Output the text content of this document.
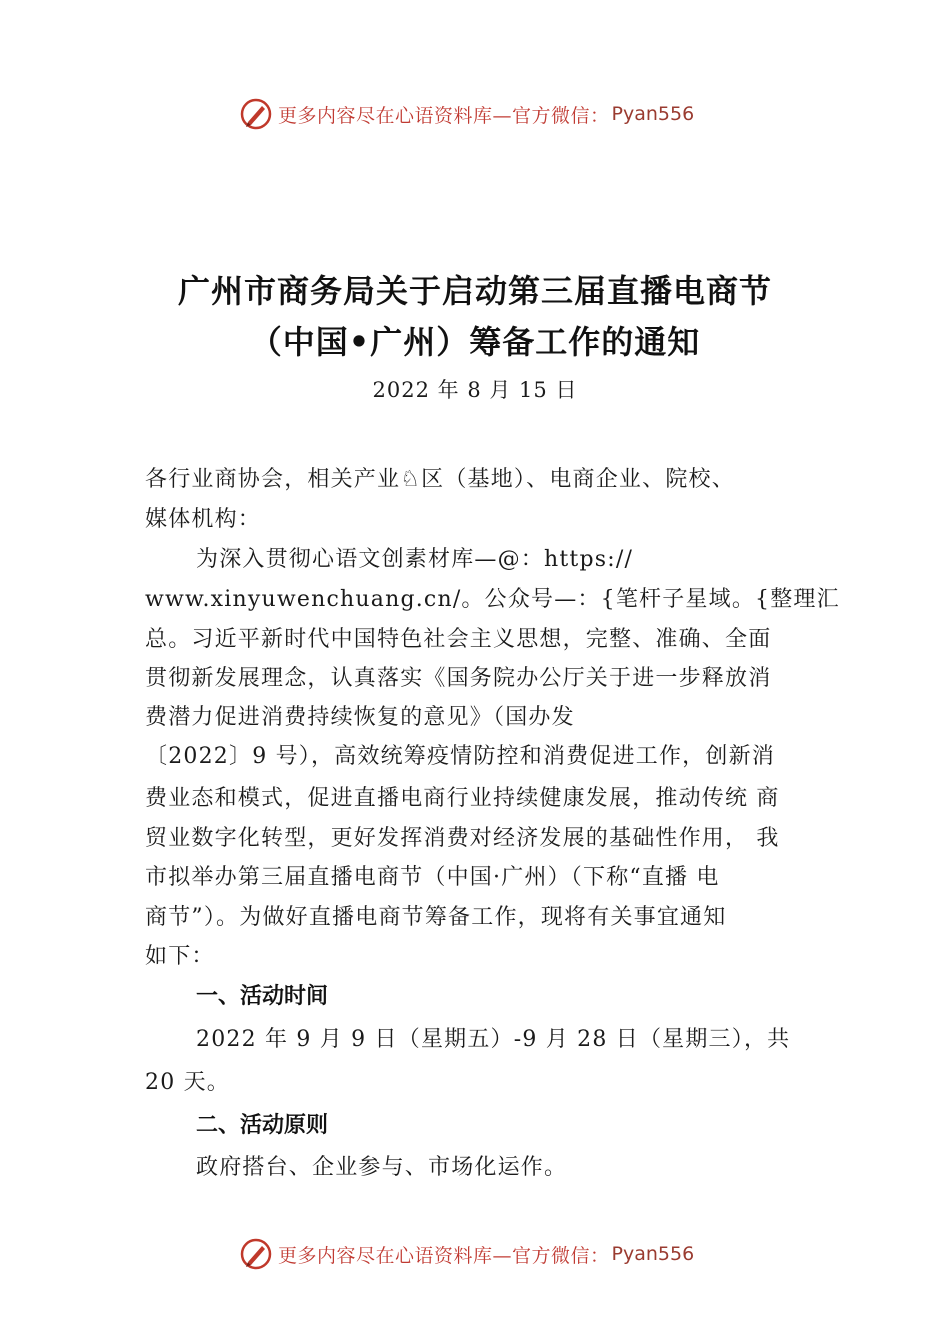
更多内容尽在心语资料库—官方微信： Pyan556
广州市商务局关于启动第三届直播电商节
（中国•广州）筹备工作的通知
2022 年 8 月 15 日
各行业商协会，相关产业♘区（基地）、电商企业、院校、
媒体机构：
为深入贯彻心语文创素材库—@：https://
www.xinyuwenchuang.cn/。公众号—：{笔杆子星域。{整理汇
总。习近平新时代中国特色社会主义思想，完整、准确、全面
贯彻新发展理念，认真落实《国务院办公厅关于进一步释放消
费潜力促进消费持续恢复的意见》（国办发
〔2022〕9 号），高效统筹疫情防控和消费促进工作，创新消
费业态和模式，促进直播电商行业持续健康发展，推动传统 商
贸业数字化转型，更好发挥消费对经济发展的基础性作用， 我
市拟举办第三届直播电商节（中国·广州）（下称“直播 电
商节”）。为做好直播电商节筹备工作，现将有关事宜通知
如下：
一、活动时间
2022 年 9 月 9 日（星期五）-9 月 28 日（星期三），共
20 天。
二、活动原则
政府搭台、企业参与、市场化运作。
更多内容尽在心语资料库—官方微信： Pyan556
